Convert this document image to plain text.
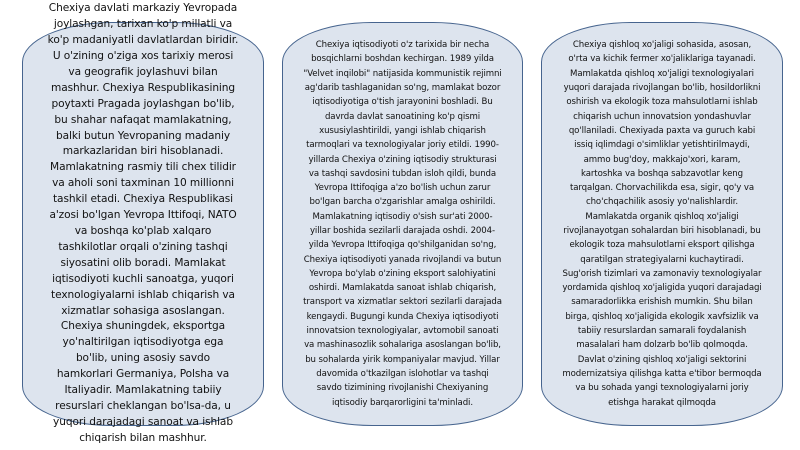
Chexiya davlati markaziy Yevropada joylashgan, tarixan ko'p millatli va ko'p madaniyatli davlatlardan biridir. U o'zining o'ziga xos tarixiy merosi va geografik joylashuvi bilan mashhur. Chexiya Respublikasining poytaxti Pragada joylashgan bo'lib, bu shahar nafaqat mamlakatning, balki butun Yevropaning madaniy markazlaridan biri hisoblanadi. Mamlakatning rasmiy tili chex tilidir va aholi soni taxminan 10 millionni tashkil etadi. Chexiya Respublikasi a'zosi bo'lgan Yevropa Ittifoqi, NATO va boshqa ko'plab xalqaro tashkilotlar orqali o'zining tashqi siyosatini olib boradi. Mamlakat iqtisodiyoti kuchli sanoatga, yuqori texnologiyalarni ishlab chiqarish va xizmatlar sohasiga asoslangan. Chexiya shuningdek, eksportga yo'naltirilgan iqtisodiyotga ega bo'lib, uning asosiy savdo hamkorlari Germaniya, Polsha va Italiyadir. Mamlakatning tabiiy resurslari cheklangan bo'lsa-da, u yuqori darajadagi sanoat va ishlab chiqarish bilan mashhur.

Chexiya iqtisodiyoti o'z tarixida bir necha bosqichlarni boshdan kechirgan. 1989 yilda "Velvet inqilobi" natijasida kommunistik rejimni ag'darib tashlaganidan so'ng, mamlakat bozor iqtisodiyotiga o'tish jarayonini boshladi. Bu davrda davlat sanoatining ko'p qismi xususiylashtirildi, yangi ishlab chiqarish tarmoqlari va texnologiyalar joriy etildi. 1990-yillarda Chexiya o'zining iqtisodiy strukturasi va tashqi savdosini tubdan isloh qildi, bunda Yevropa Ittifoqiga a'zo bo'lish uchun zarur bo'lgan barcha o'zgarishlar amalga oshirildi. Mamlakatning iqtisodiy o'sish sur'ati 2000-yillar boshida sezilarli darajada oshdi. 2004-yilda Yevropa Ittifoqiga qo'shilganidan so'ng, Chexiya iqtisodiyoti yanada rivojlandi va butun Yevropa bo'ylab o'zining eksport salohiyatini oshirdi. Mamlakatda sanoat ishlab chiqarish, transport va xizmatlar sektori sezilarli darajada kengaydi. Bugungi kunda Chexiya iqtisodiyoti innovatsion texnologiyalar, avtomobil sanoati va mashinasozlik sohalariga asoslangan bo'lib, bu sohalarda yirik kompaniyalar mavjud. Yillar davomida o'tkazilgan islohotlar va tashqi savdo tizimining rivojlanishi Chexiyaning iqtisodiy barqarorligini ta'minladi.

Chexiya qishloq xo'jaligi sohasida, asosan, o'rta va kichik fermer xo'jaliklariga tayanadi. Mamlakatda qishloq xo'jaligi texnologiyalari yuqori darajada rivojlangan bo'lib, hosildorlikni oshirish va ekologik toza mahsulotlarni ishlab chiqarish uchun innovatsion yondashuvlar qo'llaniladi. Chexiyada paxta va guruch kabi issiq iqlimdagi o'simliklar yetishtirilmaydi, ammo bug'doy, makkajo'xori, karam, kartoshka va boshqa sabzavotlar keng tarqalgan. Chorvachilikda esa, sigir, qo'y va cho'chqachilik asosiy yo'nalishlardir. Mamlakatda organik qishloq xo'jaligi rivojlanayotgan sohalardan biri hisoblanadi, bu ekologik toza mahsulotlarni eksport qilishga qaratilgan strategiyalarni kuchaytiradi. Sug'orish tizimlari va zamonaviy texnologiyalar yordamida qishloq xo'jaligida yuqori darajadagi samaradorlikka erishish mumkin. Shu bilan birga, qishloq xo'jaligida ekologik xavfsizlik va tabiiy resurslardan samarali foydalanish masalalari ham dolzarb bo'lib qolmoqda. Davlat o'zining qishloq xo'jaligi sektorini modernizatsiya qilishga katta e'tibor bermoqda va bu sohada yangi texnologiyalarni joriy etishga harakat qilmoqda
